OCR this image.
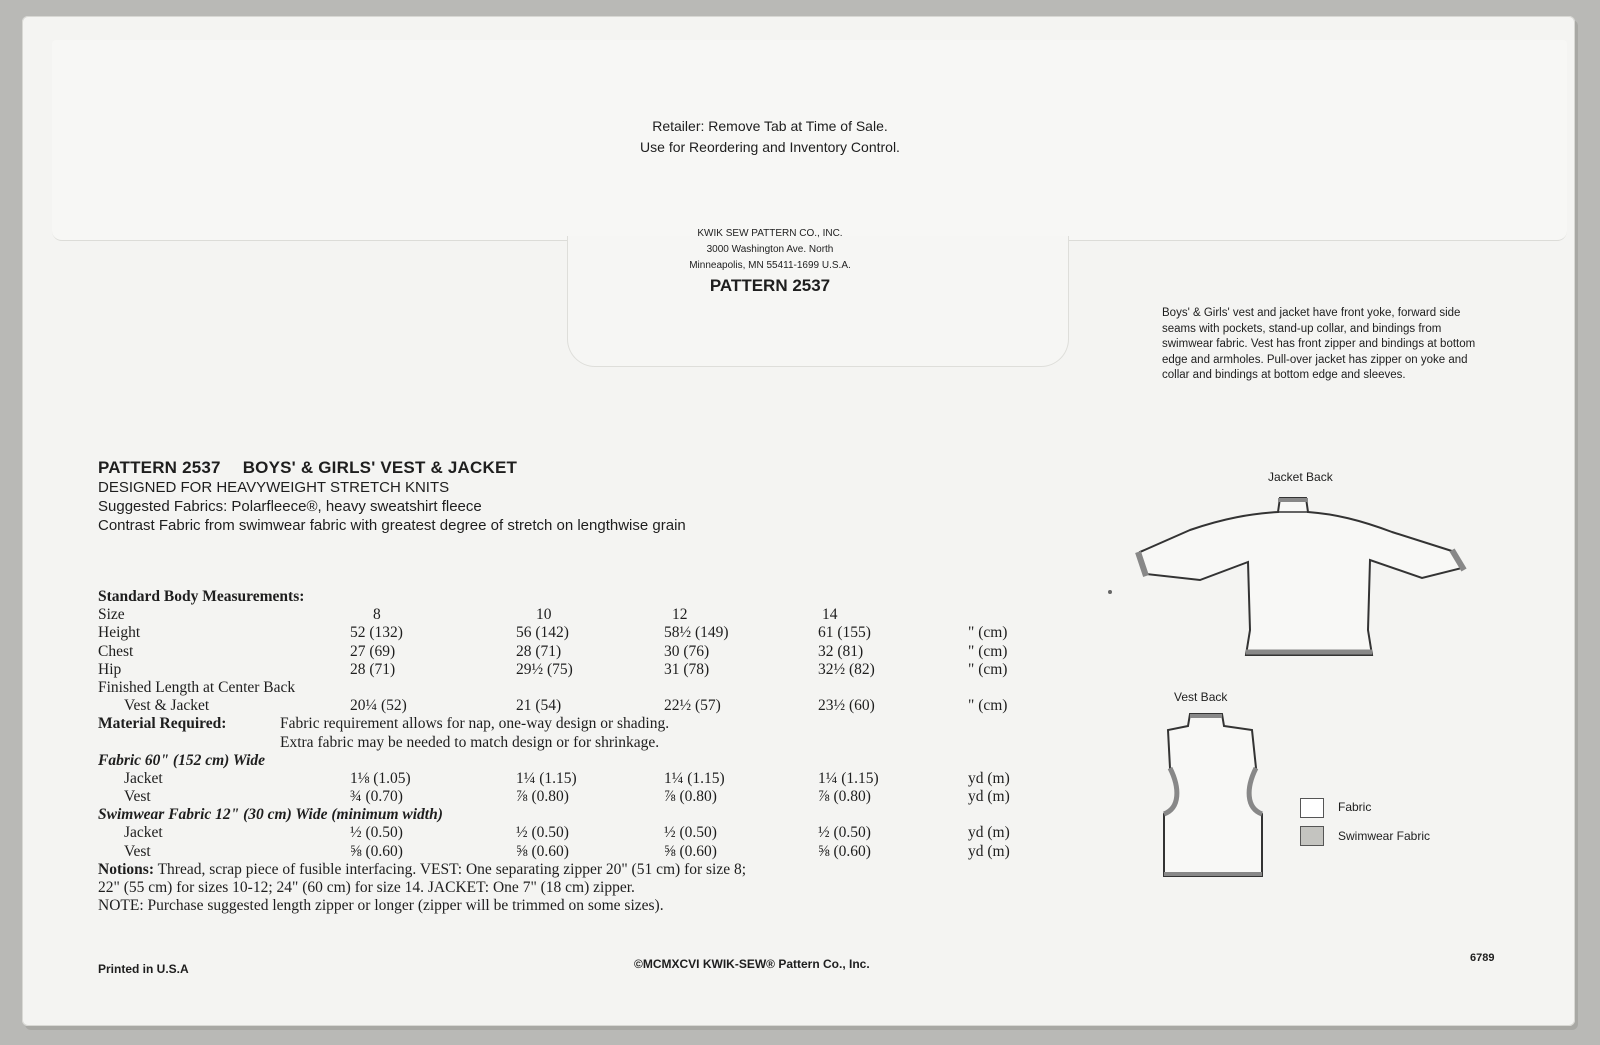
Retailer: Remove Tab at Time of Sale.
Use for Reordering and Inventory Control.
KWIK SEW PATTERN CO., INC.
3000 Washington Ave. North
Minneapolis, MN 55411-1699 U.S.A.
PATTERN 2537
Boys' & Girls' vest and jacket have front yoke, forward side seams with pockets, stand-up collar, and bindings from swimwear fabric. Vest has front zipper and bindings at bottom edge and armholes. Pull-over jacket has zipper on yoke and collar and bindings at bottom edge and sleeves.
PATTERN 2537 BOYS' & GIRLS' VEST & JACKET
DESIGNED FOR HEAVYWEIGHT STRETCH KNITS
Suggested Fabrics: Polarfleece®, heavy sweatshirt fleece
Contrast Fabric from swimwear fabric with greatest degree of stretch on lengthwise grain
Standard Body Measurements:
Size	8	10	12	14
Height	52 (132)	56 (142)	58½ (149)	61 (155)	" (cm)
Chest	27 (69)	28 (71)	30 (76)	32 (81)	" (cm)
Hip	28 (71)	29½ (75)	31 (78)	32½ (82)	" (cm)
Finished Length at Center Back
Vest & Jacket	20¼ (52)	21 (54)	22½ (57)	23½ (60)	" (cm)
Material Required:	Fabric requirement allows for nap, one-way design or shading.
Extra fabric may be needed to match design or for shrinkage.
Fabric 60" (152 cm) Wide
Jacket	1⅛ (1.05)	1¼ (1.15)	1¼ (1.15)	1¼ (1.15)	yd (m)
Vest	¾ (0.70)	⅞ (0.80)	⅞ (0.80)	⅞ (0.80)	yd (m)
Swimwear Fabric 12" (30 cm) Wide (minimum width)
Jacket	½ (0.50)	½ (0.50)	½ (0.50)	½ (0.50)	yd (m)
Vest	⅝ (0.60)	⅝ (0.60)	⅝ (0.60)	⅝ (0.60)	yd (m)
Notions: Thread, scrap piece of fusible interfacing. VEST: One separating zipper 20" (51 cm) for size 8;
22" (55 cm) for sizes 10-12; 24" (60 cm) for size 14. JACKET: One 7" (18 cm) zipper.
NOTE: Purchase suggested length zipper or longer (zipper will be trimmed on some sizes).
Jacket Back
Vest Back
Fabric
Swimwear Fabric
Printed in U.S.A	©MCMXCVI KWIK-SEW® Pattern Co., Inc.	6789
